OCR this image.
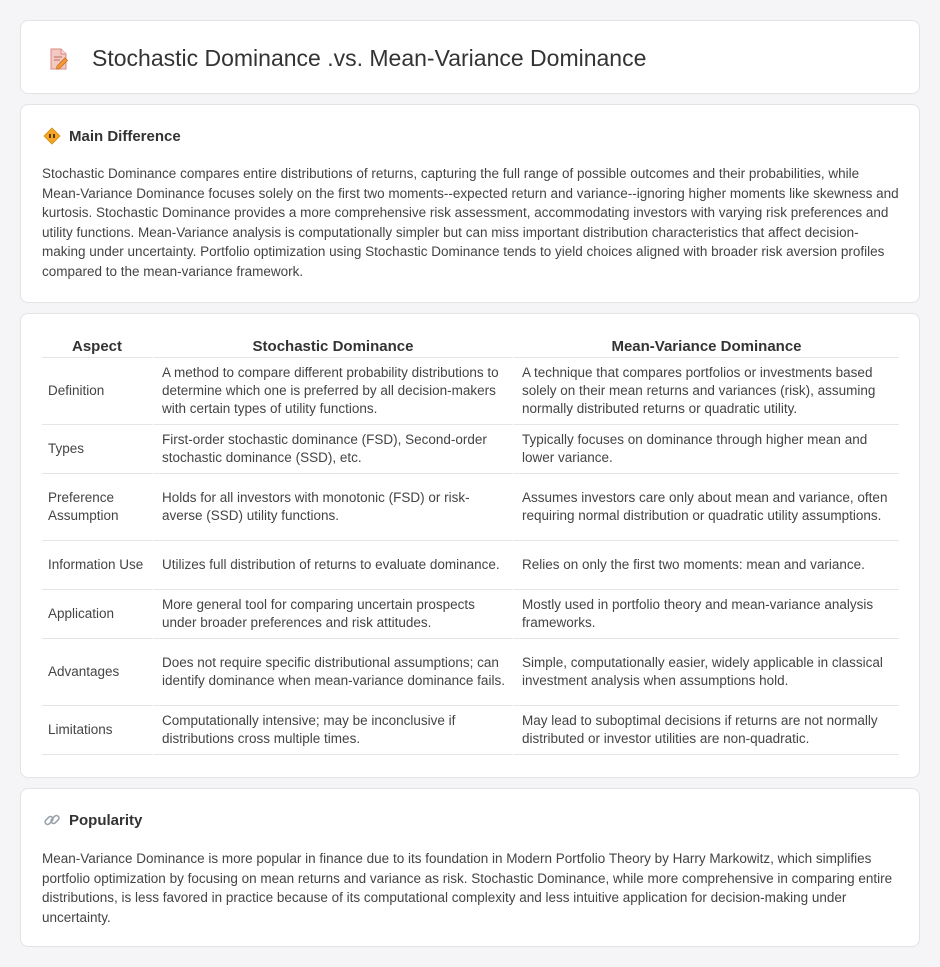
Stochastic Dominance .vs. Mean-Variance Dominance
Main Difference

Stochastic Dominance compares entire distributions of returns, capturing the full range of possible outcomes and their probabilities, while Mean-Variance Dominance focuses solely on the first two moments--expected return and variance--ignoring higher moments like skewness and kurtosis. Stochastic Dominance provides a more comprehensive risk assessment, accommodating investors with varying risk preferences and utility functions. Mean-Variance analysis is computationally simpler but can miss important distribution characteristics that affect decision-making under uncertainty. Portfolio optimization using Stochastic Dominance tends to yield choices aligned with broader risk aversion profiles compared to the mean-variance framework.

Aspect	Stochastic Dominance	Mean-Variance Dominance
Definition	A method to compare different probability distributions to determine which one is preferred by all decision-makers with certain types of utility functions.	A technique that compares portfolios or investments based solely on their mean returns and variances (risk), assuming normally distributed returns or quadratic utility.
Types	First-order stochastic dominance (FSD), Second-order stochastic dominance (SSD), etc.	Typically focuses on dominance through higher mean and lower variance.
Preference Assumption	Holds for all investors with monotonic (FSD) or risk-averse (SSD) utility functions.	Assumes investors care only about mean and variance, often requiring normal distribution or quadratic utility assumptions.
Information Use	Utilizes full distribution of returns to evaluate dominance.	Relies on only the first two moments: mean and variance.
Application	More general tool for comparing uncertain prospects under broader preferences and risk attitudes.	Mostly used in portfolio theory and mean-variance analysis frameworks.
Advantages	Does not require specific distributional assumptions; can identify dominance when mean-variance dominance fails.	Simple, computationally easier, widely applicable in classical investment analysis when assumptions hold.
Limitations	Computationally intensive; may be inconclusive if distributions cross multiple times.	May lead to suboptimal decisions if returns are not normally distributed or investor utilities are non-quadratic.
Popularity

Mean-Variance Dominance is more popular in finance due to its foundation in Modern Portfolio Theory by Harry Markowitz, which simplifies portfolio optimization by focusing on mean returns and variance as risk. Stochastic Dominance, while more comprehensive in comparing entire distributions, is less favored in practice because of its computational complexity and less intuitive application for decision-making under uncertainty.
